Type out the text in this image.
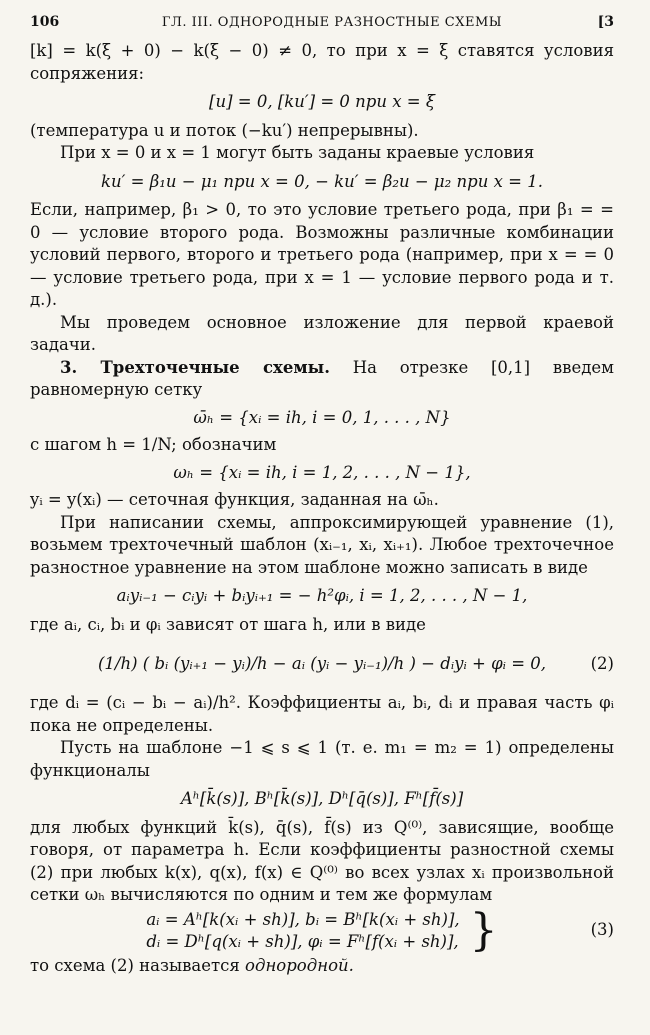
106	ГЛ. III. ОДНОРОДНЫЕ РАЗНОСТНЫЕ СХЕМЫ	[3

[k] = k(ξ + 0) − k(ξ − 0) ≠ 0, то при x = ξ ставятся условия сопряжения:

[u] = 0, [ku′] = 0 при x = ξ

(температура u и поток (−ku′) непрерывны).

При x = 0 и x = 1 могут быть заданы краевые условия

ku′ = β₁u − μ₁ при x = 0, − ku′ = β₂u − μ₂ при x = 1.

Если, например, β₁ > 0, то это условие третьего рода, при β₁ = = 0 — условие второго рода. Возможны различные комбинации условий первого, второго и третьего рода (например, при x = = 0 — условие третьего рода, при x = 1 — условие первого рода и т. д.).

Мы проведем основное изложение для первой краевой задачи.

3. Трехточечные схемы. На отрезке [0,1] введем равномерную сетку

ω̄ₕ = {xᵢ = ih, i = 0, 1, . . . , N}

с шагом h = 1/N; обозначим

ωₕ = {xᵢ = ih, i = 1, 2, . . . , N − 1},

yᵢ = y(xᵢ) — сеточная функция, заданная на ω̄ₕ.

При написании схемы, аппроксимирующей уравнение (1), возьмем трехточечный шаблон (xᵢ₋₁, xᵢ, xᵢ₊₁). Любое трехточечное разностное уравнение на этом шаблоне можно записать в виде

aᵢyᵢ₋₁ − cᵢyᵢ + bᵢyᵢ₊₁ = − h²φᵢ, i = 1, 2, . . . , N − 1,

где aᵢ, cᵢ, bᵢ и φᵢ зависят от шага h, или в виде

(1/h) ( bᵢ (yᵢ₊₁ − yᵢ)/h − aᵢ (yᵢ − yᵢ₋₁)/h ) − dᵢyᵢ + φᵢ = 0,	(2)

где dᵢ = (cᵢ − bᵢ − aᵢ)/h². Коэффициенты aᵢ, bᵢ, dᵢ и правая часть φᵢ пока не определены.

Пусть на шаблоне −1 ⩽ s ⩽ 1 (т. е. m₁ = m₂ = 1) определены функционалы

Aʰ[k̄(s)], Bʰ[k̄(s)], Dʰ[q̄(s)], Fʰ[f̄(s)]

для любых функций k̄(s), q̄(s), f̄(s) из Q⁽⁰⁾, зависящие, вообще говоря, от параметра h. Если коэффициенты разностной схемы (2) при любых k(x), q(x), f(x) ∈ Q⁽⁰⁾ во всех узлах xᵢ произвольной сетки ωₕ вычисляются по одним и тем же формулам

aᵢ = Aʰ[k(xᵢ + sh)], bᵢ = Bʰ[k(xᵢ + sh)],
dᵢ = Dʰ[q(xᵢ + sh)], φᵢ = Fʰ[f(xᵢ + sh)], }	(3)

то схема (2) называется однородной.
